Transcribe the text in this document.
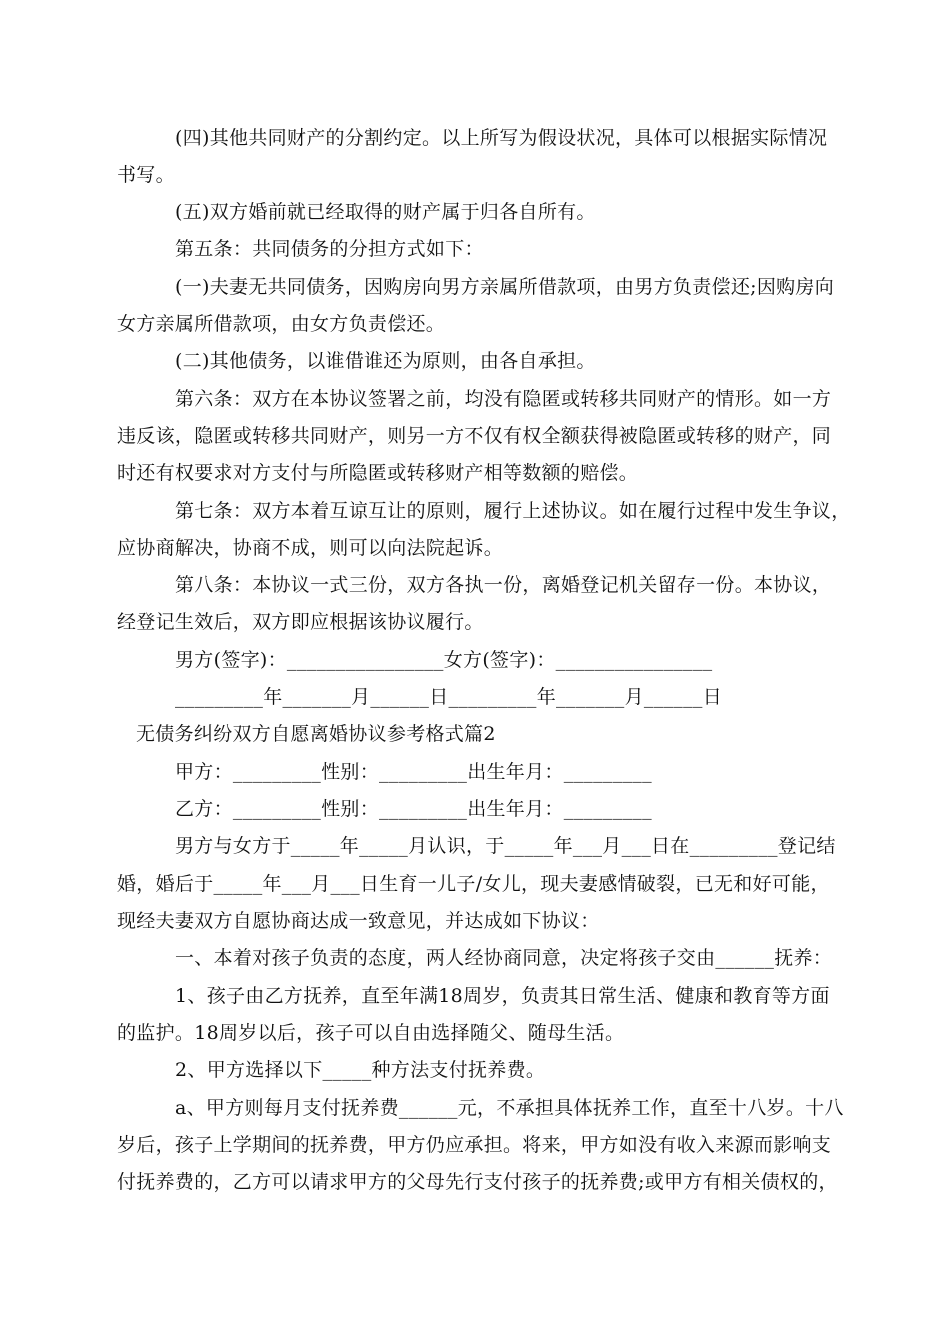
(四)其他共同财产的分割约定。以上所写为假设状况，具体可以根据实际情况
书写。
(五)双方婚前就已经取得的财产属于归各自所有。
第五条：共同债务的分担方式如下：
(一)夫妻无共同债务，因购房向男方亲属所借款项，由男方负责偿还;因购房向
女方亲属所借款项，由女方负责偿还。
(二)其他债务，以谁借谁还为原则，由各自承担。
第六条：双方在本协议签署之前，均没有隐匿或转移共同财产的情形。如一方
违反该，隐匿或转移共同财产，则另一方不仅有权全额获得被隐匿或转移的财产，同
时还有权要求对方支付与所隐匿或转移财产相等数额的赔偿。
第七条：双方本着互谅互让的原则，履行上述协议。如在履行过程中发生争议，
应协商解决，协商不成，则可以向法院起诉。
第八条：本协议一式三份，双方各执一份，离婚登记机关留存一份。本协议，
经登记生效后，双方即应根据该协议履行。
男方(签字)：________________女方(签字)：________________
_________年_______月______日_________年_______月______日
无债务纠纷双方自愿离婚协议参考格式篇2
甲方：_________性别：_________出生年月：_________
乙方：_________性别：_________出生年月：_________
男方与女方于_____年_____月认识，于_____年___月___日在_________登记结
婚，婚后于_____年___月___日生育一儿子/女儿，现夫妻感情破裂，已无和好可能，
现经夫妻双方自愿协商达成一致意见，并达成如下协议：
一、本着对孩子负责的态度，两人经协商同意，决定将孩子交由______抚养：
1、孩子由乙方抚养，直至年满18周岁，负责其日常生活、健康和教育等方面
的监护。18周岁以后，孩子可以自由选择随父、随母生活。
2、甲方选择以下_____种方法支付抚养费。
a、甲方则每月支付抚养费______元，不承担具体抚养工作，直至十八岁。十八
岁后，孩子上学期间的抚养费，甲方仍应承担。将来，甲方如没有收入来源而影响支
付抚养费的，乙方可以请求甲方的父母先行支付孩子的抚养费;或甲方有相关债权的，
